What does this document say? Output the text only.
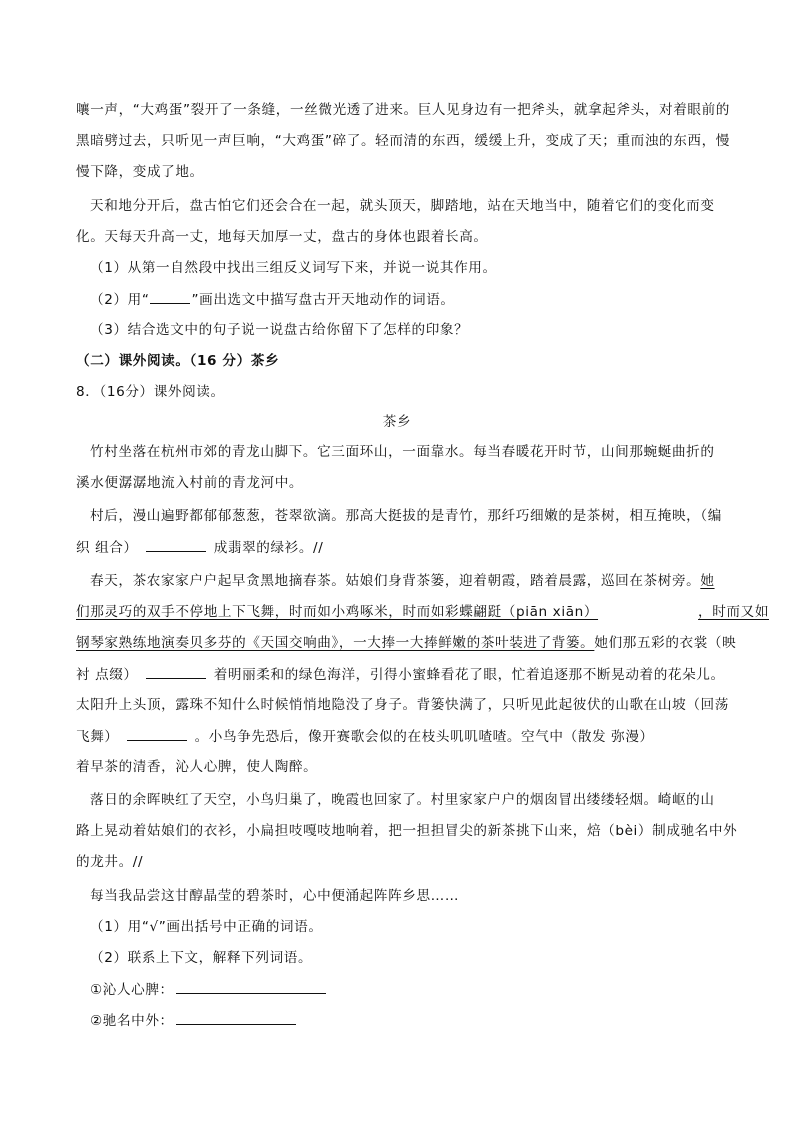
嚷一声，“大鸡蛋”裂开了一条缝，一丝微光透了进来。巨人见身边有一把斧头，就拿起斧头，对着眼前的
黑暗劈过去，只听见一声巨响，“大鸡蛋”碎了。轻而清的东西，缓缓上升，变成了天；重而浊的东西，慢
慢下降，变成了地。
天和地分开后，盘古怕它们还会合在一起，就头顶天，脚踏地，站在天地当中，随着它们的变化而变
化。天每天升高一丈，地每天加厚一丈，盘古的身体也跟着长高。
（1）从第一自然段中找出三组反义词写下来，并说一说其作用。
（2）用“	”画出选文中描写盘古开天地动作的词语。
（3）结合选文中的句子说一说盘古给你留下了怎样的印象？
（二）课外阅读。（16 分）茶乡
8．（16分）课外阅读。
茶乡
竹村坐落在杭州市郊的青龙山脚下。它三面环山，一面靠水。每当春暖花开时节，山间那蜿蜒曲折的
溪水便潺潺地流入村前的青龙河中。
村后，漫山遍野都郁郁葱葱，苍翠欲滴。那高大挺拔的是青竹，那纤巧细嫩的是茶树，相互掩映，（编
织 组合）	成翡翠的绿衫。//
春天，茶农家家户户起早贪黑地摘春茶。姑娘们身背茶篓，迎着朝霞，踏着晨露，巡回在茶树旁。她
们那灵巧的双手不停地上下飞舞，时而如小鸡啄米，时而如彩蝶翩跹（piān xiān）	，时而又如
钢琴家熟练地演奏贝多芬的《天国交响曲》，一大捧一大捧鲜嫩的茶叶装进了背篓。她们那五彩的衣裳（映
衬 点缀）	着明丽柔和的绿色海洋，引得小蜜蜂看花了眼，忙着追逐那不断晃动着的花朵儿。
太阳升上头顶，露珠不知什么时候悄悄地隐没了身子。背篓快满了，只听见此起彼伏的山歌在山坡（回荡
飞舞）	。小鸟争先恐后，像开赛歌会似的在枝头叽叽喳喳。空气中（散发 弥漫）
着早茶的清香，沁人心脾，使人陶醉。
落日的余晖映红了天空，小鸟归巢了，晚霞也回家了。村里家家户户的烟囱冒出缕缕轻烟。崎岖的山
路上晃动着姑娘们的衣衫，小扁担吱嘎吱地响着，把一担担冒尖的新茶挑下山来，焙（bèi）制成驰名中外
的龙井。//
每当我品尝这甘醇晶莹的碧茶时，心中便涌起阵阵乡思……
（1）用“√”画出括号中正确的词语。
（2）联系上下文，解释下列词语。
①沁人心脾：
②驰名中外：
